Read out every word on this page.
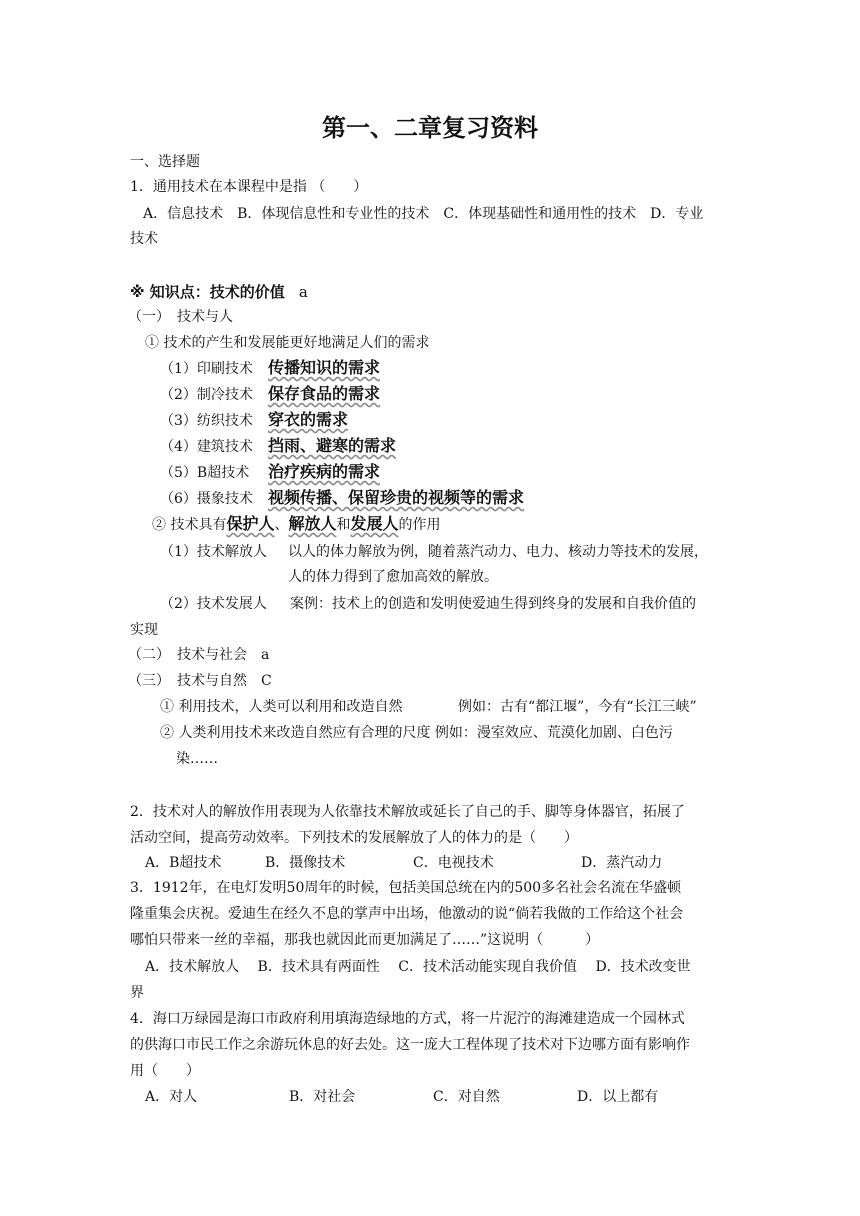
第一、二章复习资料
一、选择题
1．通用技术在本课程中是指 （　　）
A．信息技术　B．体现信息性和专业性的技术　C．体现基础性和通用性的技术　D．专业
技术
※ 知识点：技术的价值 a
（一）　技术与人
① 技术的产生和发展能更好地满足人们的需求
（1）印刷技术 传播知识的需求
（2）制冷技术 保存食品的需求
（3）纺织技术 穿衣的需求
（4）建筑技术 挡雨、避寒的需求
（5）B超技术 治疗疾病的需求
（6）摄象技术 视频传播、保留珍贵的视频等的需求
② 技术具有保护人、解放人和发展人的作用
（1）技术解放人 以人的体力解放为例，随着蒸汽动力、电力、核动力等技术的发展，
人的体力得到了愈加高效的解放。
（2）技术发展人 案例：技术上的创造和发明使爱迪生得到终身的发展和自我价值的
实现
（二）　技术与社会　a
（三）　技术与自然　C
① 利用技术，人类可以利用和改造自然	例如：古有“都江堰”，今有“长江三峡”
② 人类利用技术来改造自然应有合理的尺度 例如：漫室效应、荒漠化加剧、白色污
染……
2．技术对人的解放作用表现为人依靠技术解放或延长了自己的手、脚等身体器官，拓展了
活动空间，提高劳动效率。下列技术的发展解放了人的体力的是（　　）
A．B超技术	B．摄像技术	C．电视技术	D．蒸汽动力
3．1912年，在电灯发明50周年的时候，包括美国总统在内的500多名社会名流在华盛顿
隆重集会庆祝。爱迪生在经久不息的掌声中出场，他激动的说“倘若我做的工作给这个社会
哪怕只带来一丝的幸福，那我也就因此而更加满足了……”这说明（　　　）
A．技术解放人　 B．技术具有两面性　 C．技术活动能实现自我价值　 D．技术改变世
界
4．海口万绿园是海口市政府利用填海造绿地的方式，将一片泥泞的海滩建造成一个园林式
的供海口市民工作之余游玩休息的好去处。这一庞大工程体现了技术对下边哪方面有影响作
用（　　）
A．对人	B．对社会	C．对自然	D．以上都有
